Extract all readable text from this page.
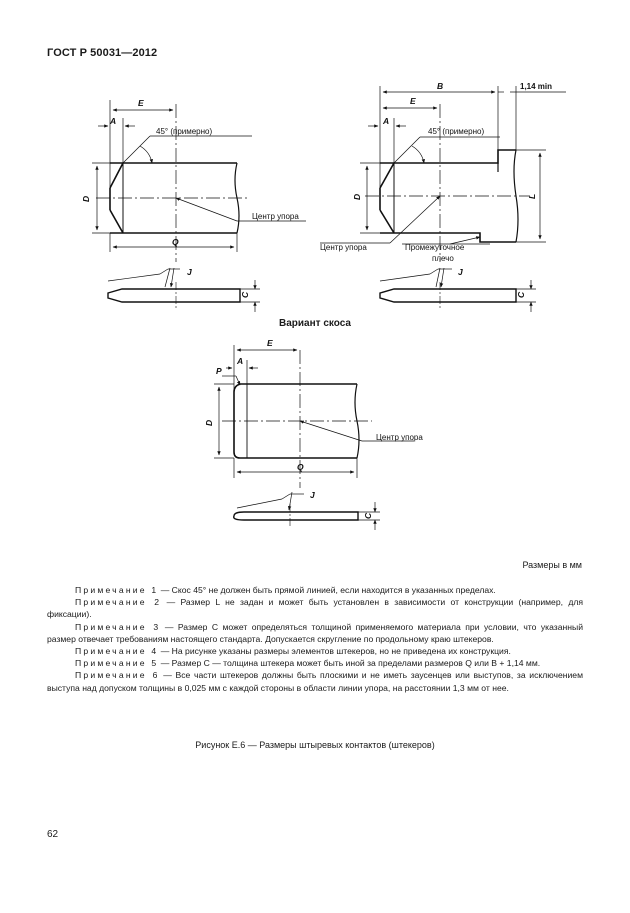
ГОСТ Р 50031—2012
E
A
45° (примерно)
D
Центр упора
Q
J
C
B	1,14 min
E
A
45° (примерно)
D	L
Центр упора	Промежуточное
плечо
J
C
E
A
P
D
Центр упора
Q
J
C
Вариант скоса
Размеры в мм

Примечание 1 — Скос 45° не должен быть прямой линией, если находится в указанных пределах.

Примечание 2 — Размер L не задан и может быть установлен в зависимости от конструкции (например, для фиксации).

Примечание 3 — Размер C может определяться толщиной применяемого материала при условии, что указанный размер отвечает требованиям настоящего стандарта. Допускается скругление по продольному краю штекеров.

Примечание 4 — На рисунке указаны размеры элементов штекеров, но не приведена их конструкция.

Примечание 5 — Размер C — толщина штекера может быть иной за пределами размеров Q или B + 1,14 мм.

Примечание 6 — Все части штекеров должны быть плоскими и не иметь заусенцев или выступов, за исключением выступа над допуском толщины в 0,025 мм с каждой стороны в области линии упора, на расстоянии 1,3 мм от нее.

Рисунок Е.6 — Размеры штыревых контактов (штекеров)
62
